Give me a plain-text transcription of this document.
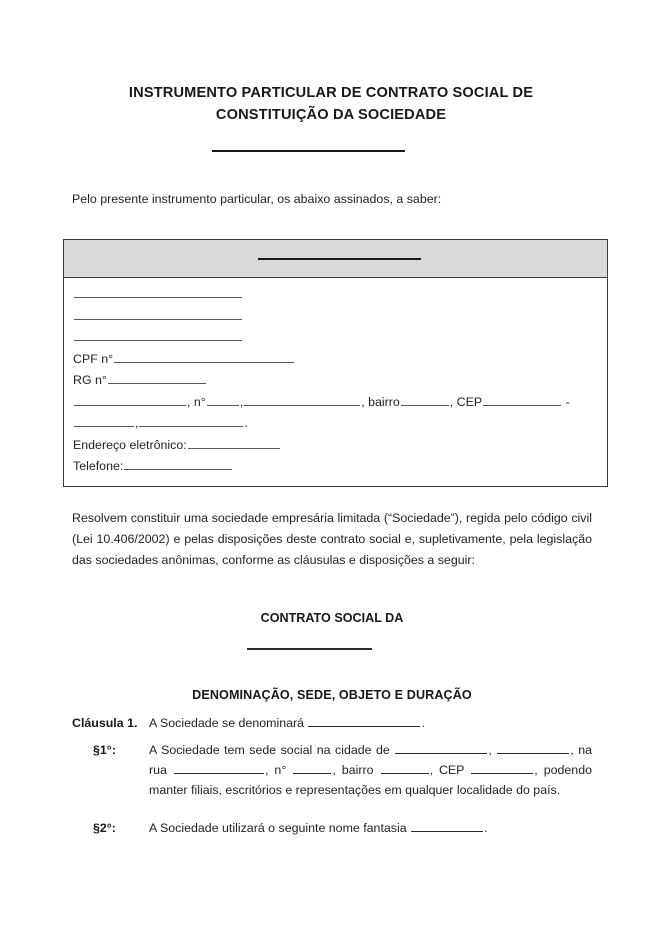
INSTRUMENTO PARTICULAR DE CONTRATO SOCIAL DE
CONSTITUIÇÃO DA SOCIEDADE
Pelo presente instrumento particular, os abaixo assinados, a saber:
CPF n°
RG n°
, n°	,	, bairro	, CEP	-
,	.
Endereço eletrônico:
Telefone:
Resolvem constituir uma sociedade empresária limitada (“Sociedade”), regida pelo código civil (Lei 10.406/2002) e pelas disposições deste contrato social e, supletivamente, pela legislação das sociedades anônimas, conforme as cláusulas e disposições a seguir:
CONTRATO SOCIAL DA
DENOMINAÇÃO, SEDE, OBJETO E DURAÇÃO
Cláusula 1. A Sociedade se denominará	.
§1°:	A Sociedade tem sede social na cidade de	,	, na rua	, n°	, bairro	, CEP	, podendo manter filiais, escritórios e representações em qualquer localidade do país.
§2°:	A Sociedade utilizará o seguinte nome fantasia	.
